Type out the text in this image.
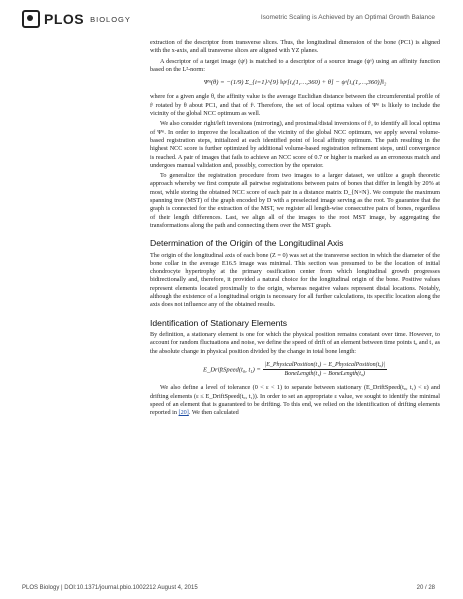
PLOS BIOLOGY	Isometric Scaling is Achieved by an Optimal Growth Balance

extraction of the descriptor from transverse slices. Thus, the longitudinal dimension of the bone (PC1) is aligned with the x-axis, and all transverse slices are aligned with YZ planes.

A descriptor of a target image (ψᵗ) is matched to a descriptor of a source image (ψˢ) using an affinity function based on the L²-norm:

Ψˢᵗ(θ) = −(1/9) Σ_{i=1}^{9} ‖ψᵗ[i,(1,…,360) + θ] − ψˢ[i,(1,…,360)]‖₂

where for a given angle θ, the affinity value is the average Euclidian distance between the circumferential profile of fᵗ rotated by θ about PC1, and that of fˢ. Therefore, the set of local optima values of Ψˢᵗ is likely to include the vicinity of the global NCC optimum as well.

We also consider right/left inversions (mirroring), and proximal/distal inversions of fᵗ, to identify all local optima of Ψˢᵗ. In order to improve the localization of the vicinity of the global NCC optimum, we apply several volume-based registration steps, initialized at each identified point of local affinity optimum. The path resulting in the highest NCC score is further optimized by additional volume-based registration refinement steps, until convergence is reached. A pair of images that fails to achieve an NCC score of 0.7 or higher is marked as an erroneous match and undergoes manual validation and, possibly, correction by the operator.

To generalize the registration procedure from two images to a larger dataset, we utilize a graph theoretic approach whereby we first compute all pairwise registrations between pairs of bones that differ in length by 20% at most, while storing the obtained NCC score of each pair in a distance matrix D_{N×N}. We compute the maximum spanning tree (MST) of the graph encoded by D with a preselected image serving as the root. To guarantee that the graph is connected for the extraction of the MST, we register all length-wise consecutive pairs of bones, regardless of their length differences. Last, we align all of the images to the root MST image, by aggregating the transformations along the path and connecting them over the MST graph.

Determination of the Origin of the Longitudinal Axis

The origin of the longitudinal axis of each bone (Z = 0) was set at the transverse section in which the diameter of the bone collar in the average E16.5 image was minimal. This section was presumed to be the location of initial chondrocyte hypertrophy at the primary ossification center from which longitudinal growth progresses bidirectionally and, therefore, it provided a natural choice for the longitudinal origin of the bone. Positive values represent elements located proximally to the origin, whereas negative values represent distal locations. Notably, although the existence of a longitudinal origin is necessary for all further calculations, its specific location along the axis does not influence any of the obtained results.

Identification of Stationary Elements

By definition, a stationary element is one for which the physical position remains constant over time. However, to account for random fluctuations and noise, we define the speed of drift of an element between time points t₀ and t₁ as the absolute change in physical position divided by the change in total bone length:

E_DriftSpeed(t₀, $t_1) = \frac{\text{|E\_PhysicalPosition(t₁) − E\_PhysicalPosition(t₀)|}}{\text{BoneLength(t₁) − BoneLength(t₀)}}$

We also define a level of tolerance (0 < ε < 1) to separate between stationary (E_DriftSpeed(t₀, t₁) < ε) and drifting elements (ε ≤ E_DriftSpeed(t₀, t₁)). In order to set an appropriate ε value, we sought to identify the minimal speed of an element that is guaranteed to be drifting. To this end, we relied on the identification of drifting elements reported in [20]. We then calculated

PLOS Biology | DOI:10.1371/journal.pbio.1002212 August 4, 2015	20 / 28
